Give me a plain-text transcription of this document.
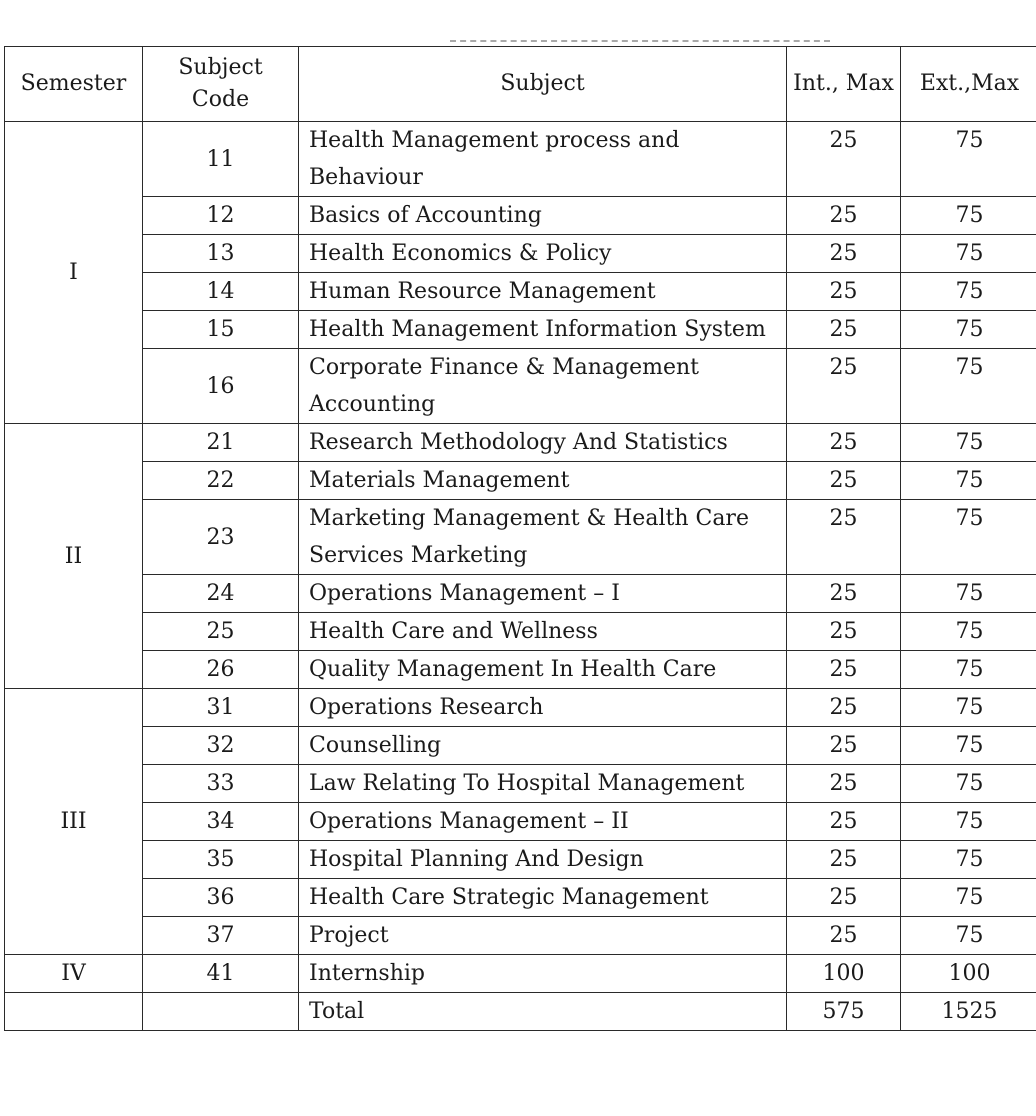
Semester	Subject Code	Subject	Int., Max	Ext.,Max
I	11	Health Management process and Behaviour	25	75
	12	Basics of Accounting	25	75
	13	Health Economics & Policy	25	75
	14	Human Resource Management	25	75
	15	Health Management Information System	25	75
	16	Corporate Finance & Management Accounting	25	75
II	21	Research Methodology And Statistics	25	75
	22	Materials Management	25	75
	23	Marketing Management & Health Care Services Marketing	25	75
	24	Operations Management – I	25	75
	25	Health Care and Wellness	25	75
	26	Quality Management In Health Care	25	75
III	31	Operations Research	25	75
	32	Counselling	25	75
	33	Law Relating To Hospital Management	25	75
	34	Operations Management – II	25	75
	35	Hospital Planning And Design	25	75
	36	Health Care Strategic Management	25	75
	37	Project	25	75
IV	41	Internship	100	100
		Total	575	1525
